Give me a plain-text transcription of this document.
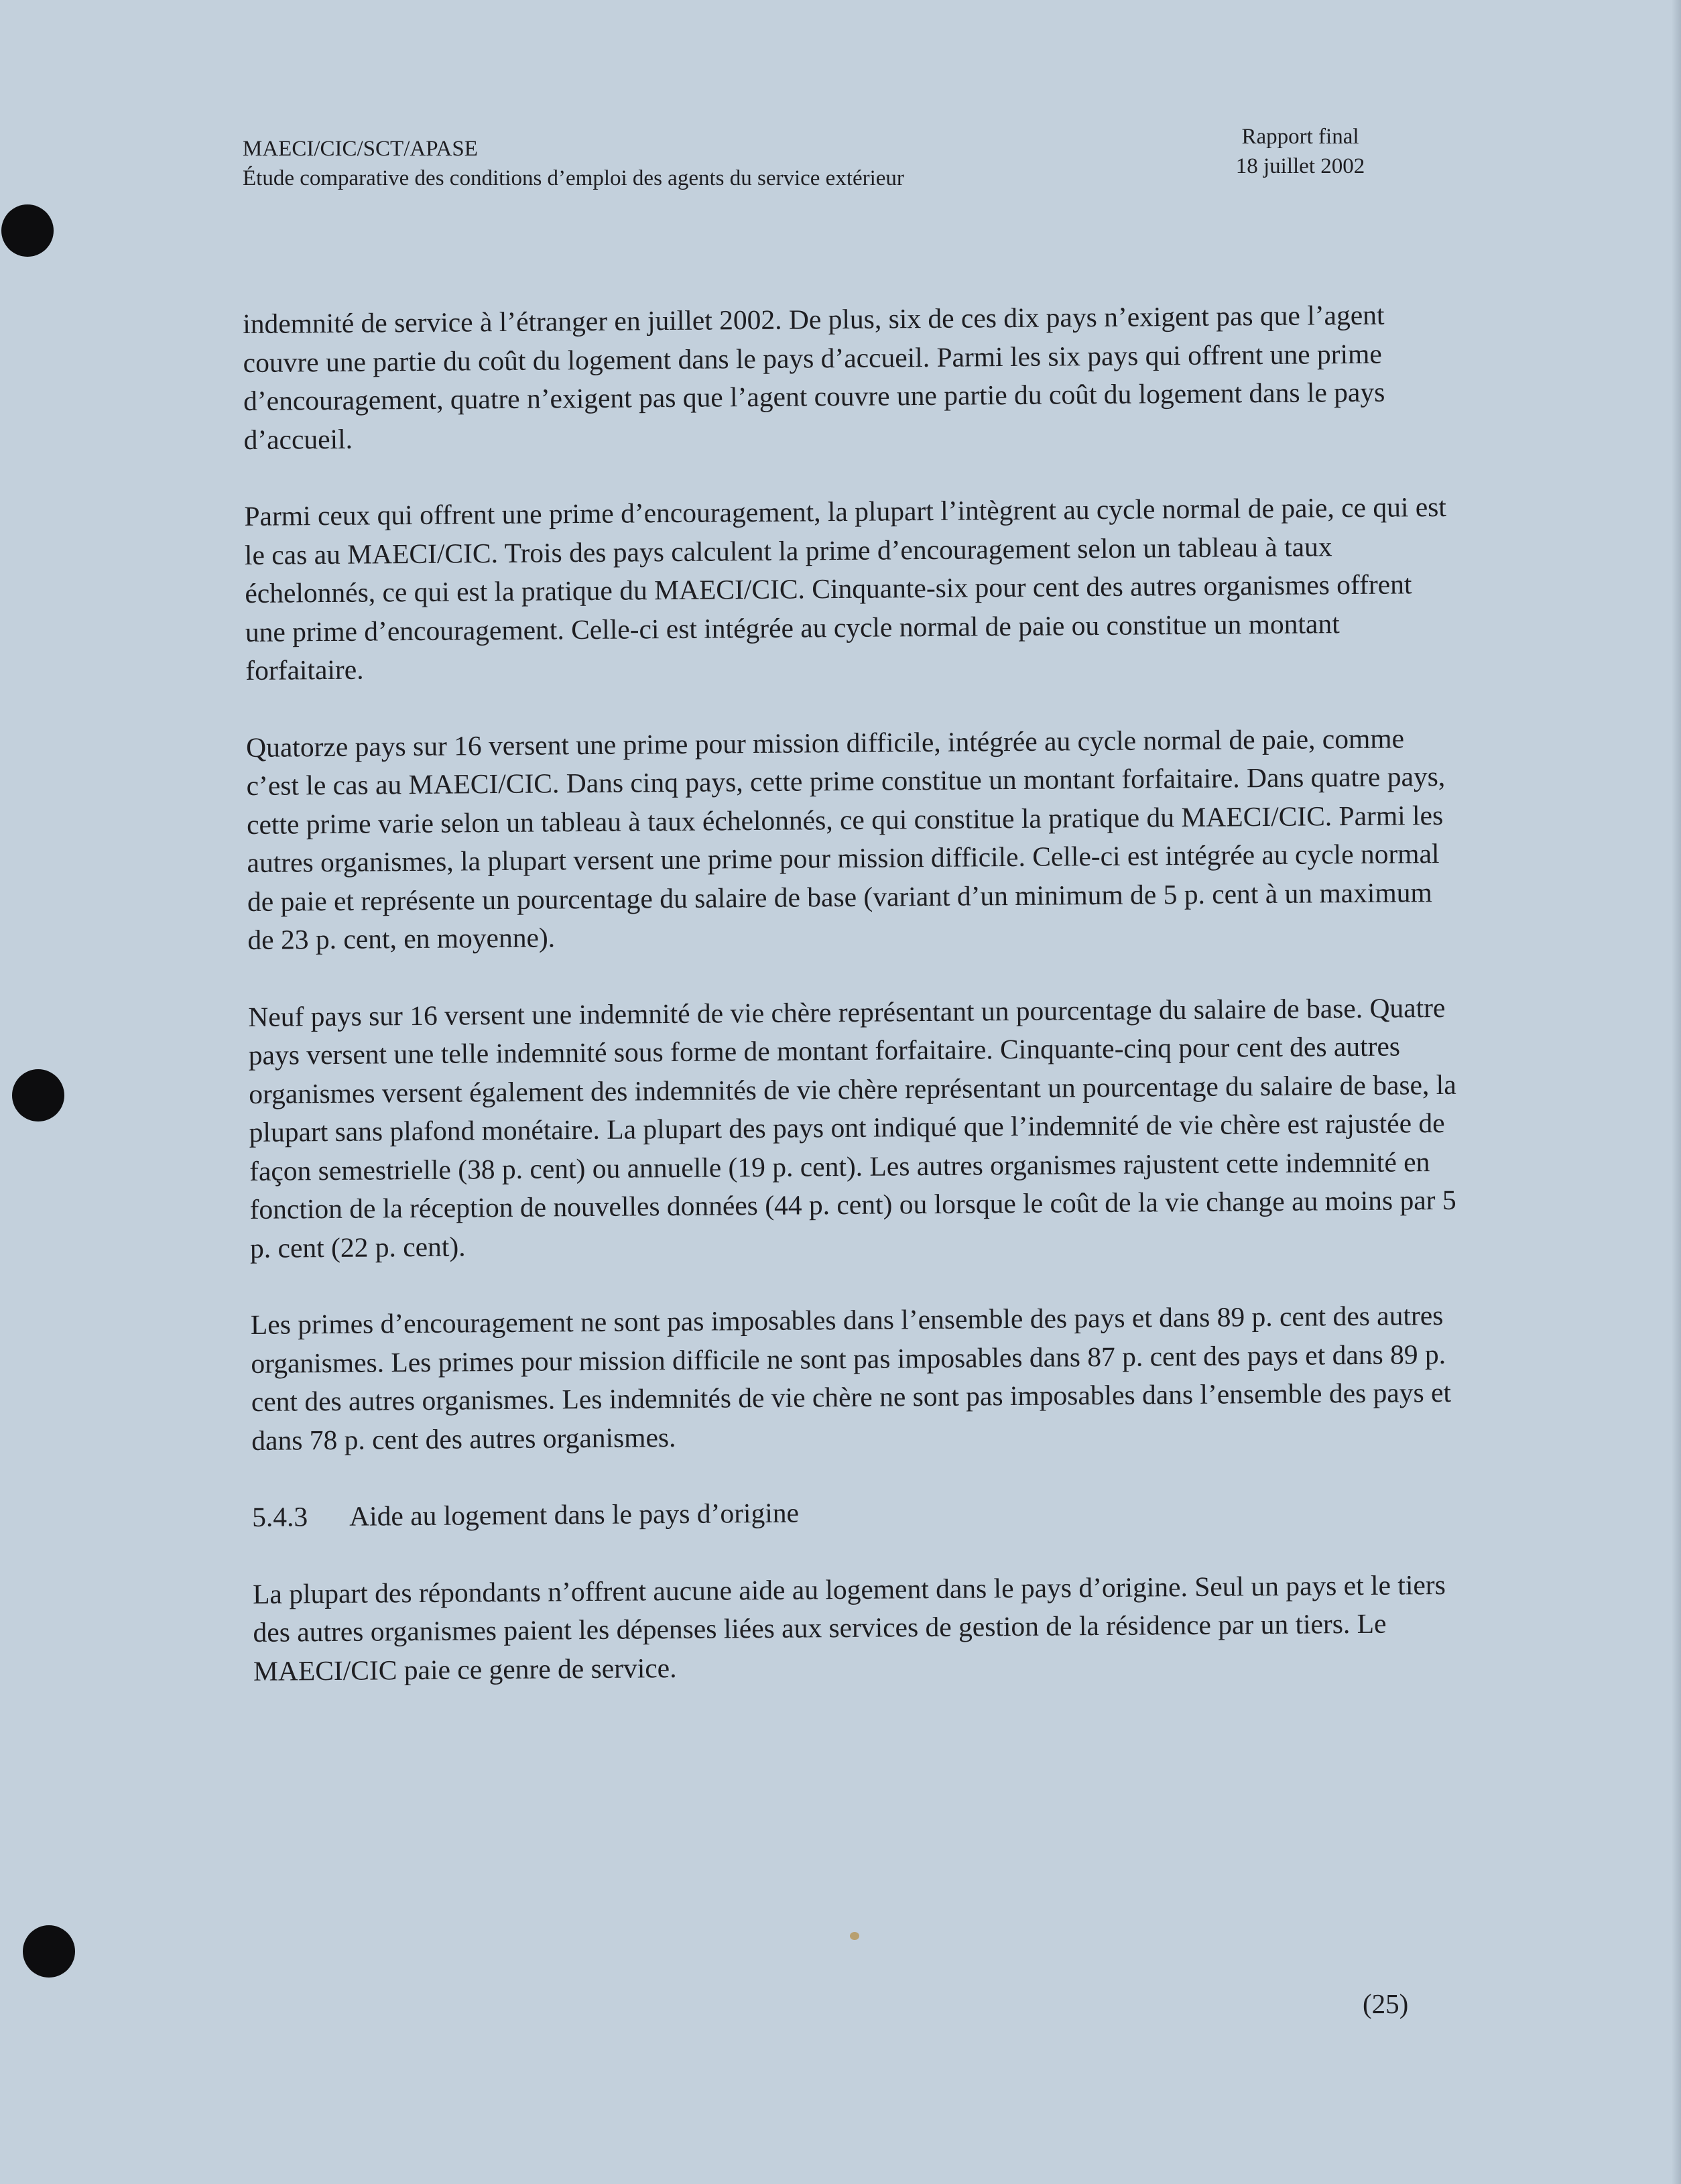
MAECI/CIC/SCT/APASE
Étude comparative des conditions d’emploi des agents du service extérieur
Rapport final
18 juillet 2002

indemnité de service à l’étranger en juillet 2002. De plus, six de ces dix pays n’exigent pas que l’agent couvre une partie du coût du logement dans le pays d’accueil. Parmi les six pays qui offrent une prime d’encouragement, quatre n’exigent pas que l’agent couvre une partie du coût du logement dans le pays d’accueil.

Parmi ceux qui offrent une prime d’encouragement, la plupart l’intègrent au cycle normal de paie, ce qui est le cas au MAECI/CIC. Trois des pays calculent la prime d’encouragement selon un tableau à taux échelonnés, ce qui est la pratique du MAECI/CIC. Cinquante-six pour cent des autres organismes offrent une prime d’encouragement. Celle-ci est intégrée au cycle normal de paie ou constitue un montant forfaitaire.

Quatorze pays sur 16 versent une prime pour mission difficile, intégrée au cycle normal de paie, comme c’est le cas au MAECI/CIC. Dans cinq pays, cette prime constitue un montant forfaitaire. Dans quatre pays, cette prime varie selon un tableau à taux échelonnés, ce qui constitue la pratique du MAECI/CIC. Parmi les autres organismes, la plupart versent une prime pour mission difficile. Celle-ci est intégrée au cycle normal de paie et représente un pourcentage du salaire de base (variant d’un minimum de 5 p. cent à un maximum de 23 p. cent, en moyenne).

Neuf pays sur 16 versent une indemnité de vie chère représentant un pourcentage du salaire de base. Quatre pays versent une telle indemnité sous forme de montant forfaitaire. Cinquante-cinq pour cent des autres organismes versent également des indemnités de vie chère représentant un pourcentage du salaire de base, la plupart sans plafond monétaire. La plupart des pays ont indiqué que l’indemnité de vie chère est rajustée de façon semestrielle (38 p. cent) ou annuelle (19 p. cent). Les autres organismes rajustent cette indemnité en fonction de la réception de nouvelles données (44 p. cent) ou lorsque le coût de la vie change au moins par 5 p. cent (22 p. cent).

Les primes d’encouragement ne sont pas imposables dans l’ensemble des pays et dans 89 p. cent des autres organismes. Les primes pour mission difficile ne sont pas imposables dans 87 p. cent des pays et dans 89 p. cent des autres organismes. Les indemnités de vie chère ne sont pas imposables dans l’ensemble des pays et dans 78 p. cent des autres organismes.

5.4.3 Aide au logement dans le pays d’origine

La plupart des répondants n’offrent aucune aide au logement dans le pays d’origine. Seul un pays et le tiers des autres organismes paient les dépenses liées aux services de gestion de la résidence par un tiers. Le MAECI/CIC paie ce genre de service.

(25)
